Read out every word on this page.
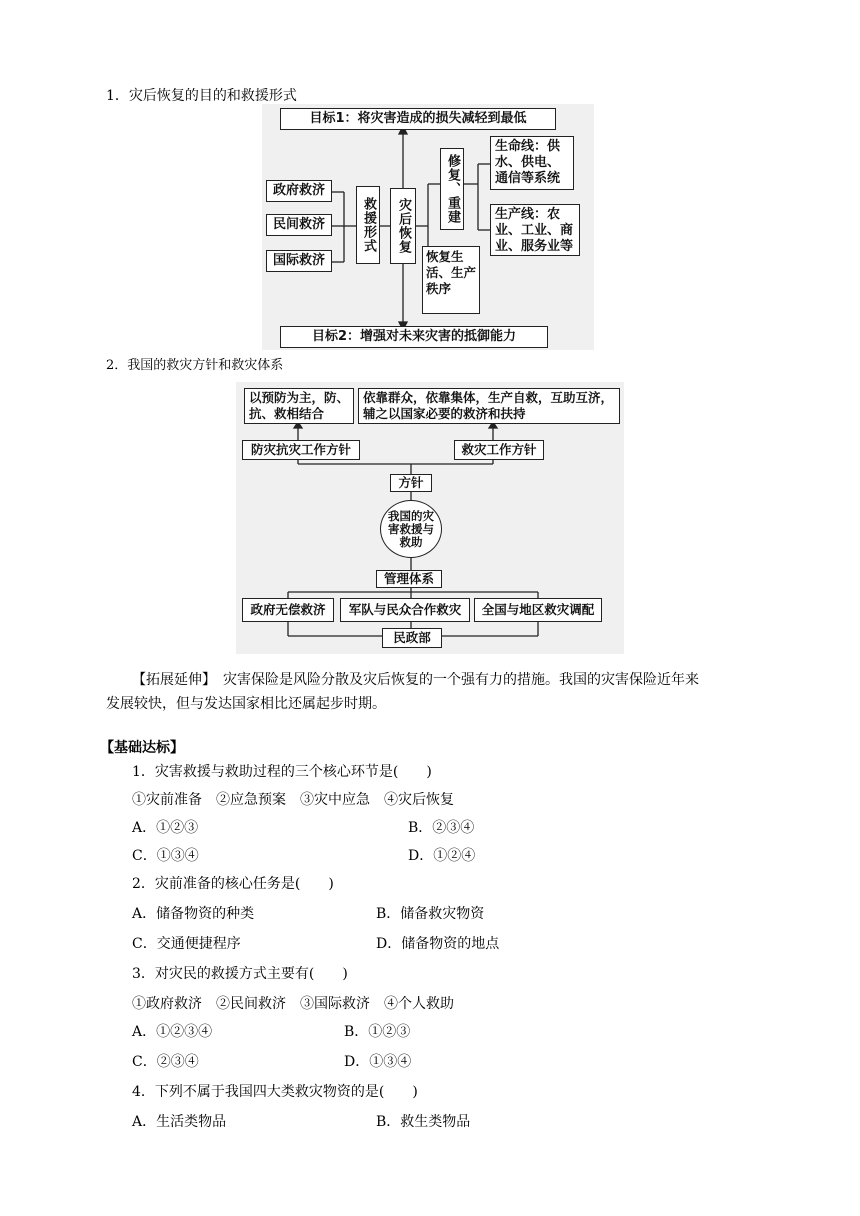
1．灾后恢复的目的和救援形式
目标1：将灾害造成的损失减轻到最低
政府救济
民间救济
国际救济
救援形式	灾后恢复
修复、重建
生命线：供水、供电、通信等系统
生产线：农业、工业、商业、服务业等
恢复生活、生产秩序
目标2：增强对未来灾害的抵御能力
2．我国的救灾方针和救灾体系
以预防为主，防、抗、救相结合
依靠群众，依靠集体，生产自救，互助互济，辅之以国家必要的救济和扶持
防灾抗灾工作方针	救灾工作方针
方针
我国的灾害救援与救助
管理体系
政府无偿救济	军队与民众合作救灾	全国与地区救灾调配
民政部
【拓展延伸】　 灾害保险是风险分散及灾后恢复的一个强有力的措施。我国的灾害保险近年来
发展较快，但与发达国家相比还属起步时期。
【基础达标】
1．灾害救援与救助过程的三个核心环节是(　　)
①灾前准备　②应急预案　③灾中应急　④灾后恢复
A．①②③	B．②③④
C．①③④	D．①②④
2．灾前准备的核心任务是(　　)
A．储备物资的种类	B．储备救灾物资
C．交通便捷程序	D．储备物资的地点
3．对灾民的救援方式主要有(　　)
①政府救济　②民间救济　③国际救济　④个人救助
A．①②③④	B．①②③
C．②③④	D．①③④
4．下列不属于我国四大类救灾物资的是(　　)
A．生活类物品	B．救生类物品
